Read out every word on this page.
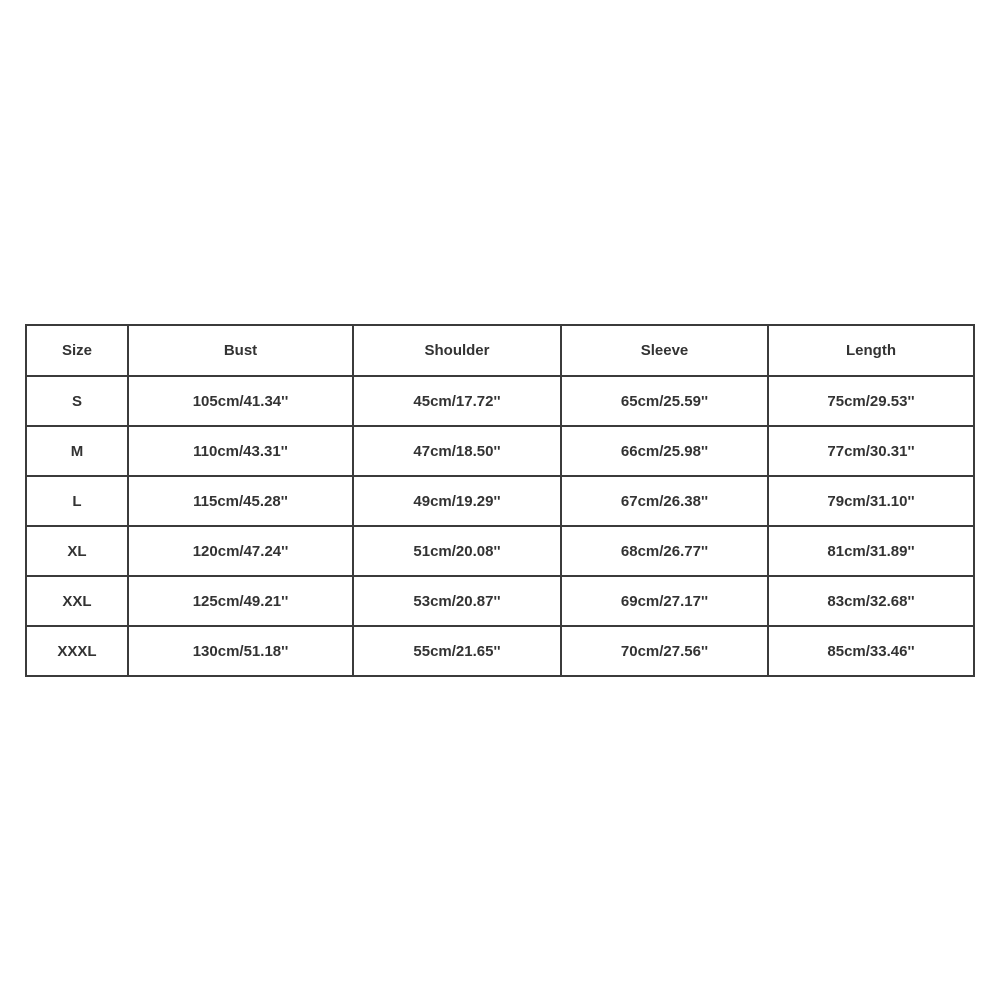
Size	Bust	Shoulder	Sleeve	Length
S	105cm/41.34''	45cm/17.72''	65cm/25.59''	75cm/29.53''
M	110cm/43.31''	47cm/18.50''	66cm/25.98''	77cm/30.31''
L	115cm/45.28''	49cm/19.29''	67cm/26.38''	79cm/31.10''
XL	120cm/47.24''	51cm/20.08''	68cm/26.77''	81cm/31.89''
XXL	125cm/49.21''	53cm/20.87''	69cm/27.17''	83cm/32.68''
XXXL	130cm/51.18''	55cm/21.65''	70cm/27.56''	85cm/33.46''
